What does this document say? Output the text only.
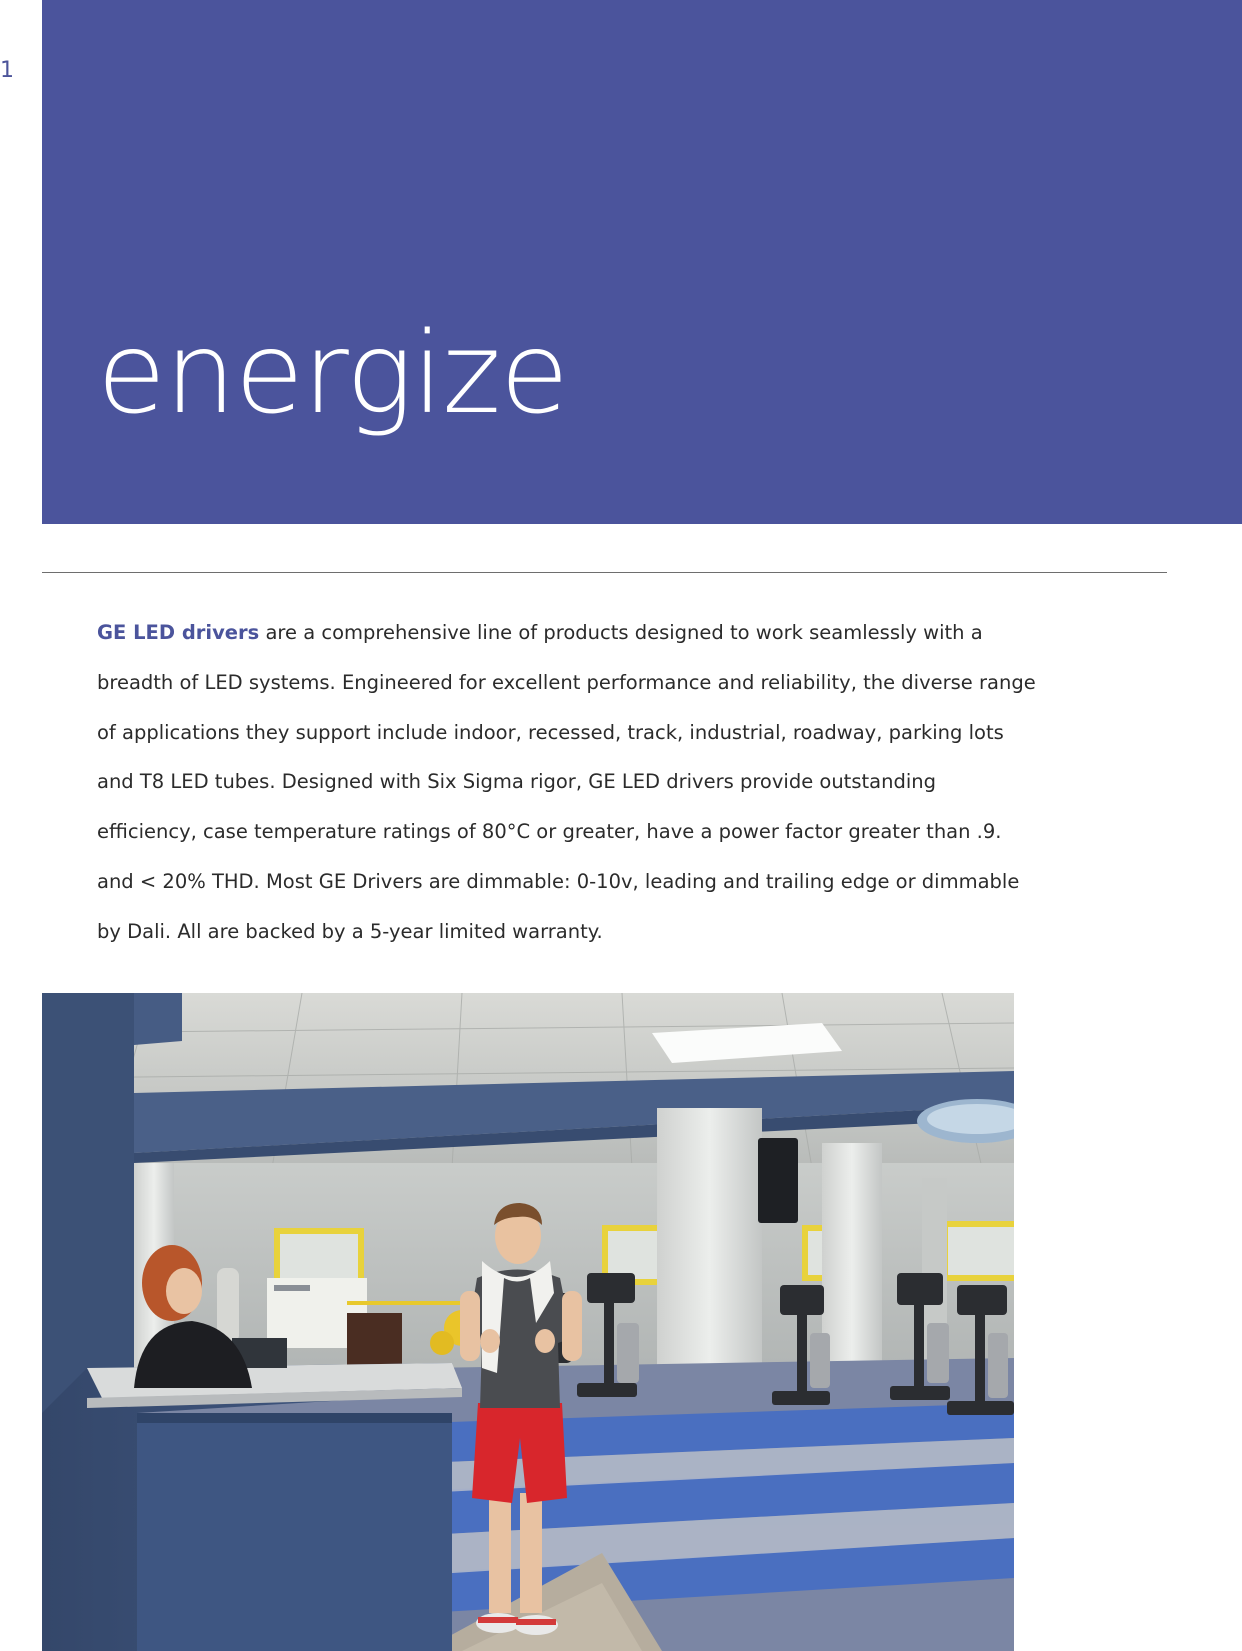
1
energize

GE LED drivers are a comprehensive line of products designed to work seamlessly with a breadth of LED systems. Engineered for excellent performance and reliability, the diverse range of applications they support include indoor, recessed, track, industrial, roadway, parking lots and T8 LED tubes. Designed with Six Sigma rigor, GE LED drivers provide outstanding efficiency, case temperature ratings of 80°C or greater, have a power factor greater than .9. and < 20% THD. Most GE Drivers are dimmable: 0-10v, leading and trailing edge or dimmable by Dali. All are backed by a 5-year limited warranty.
